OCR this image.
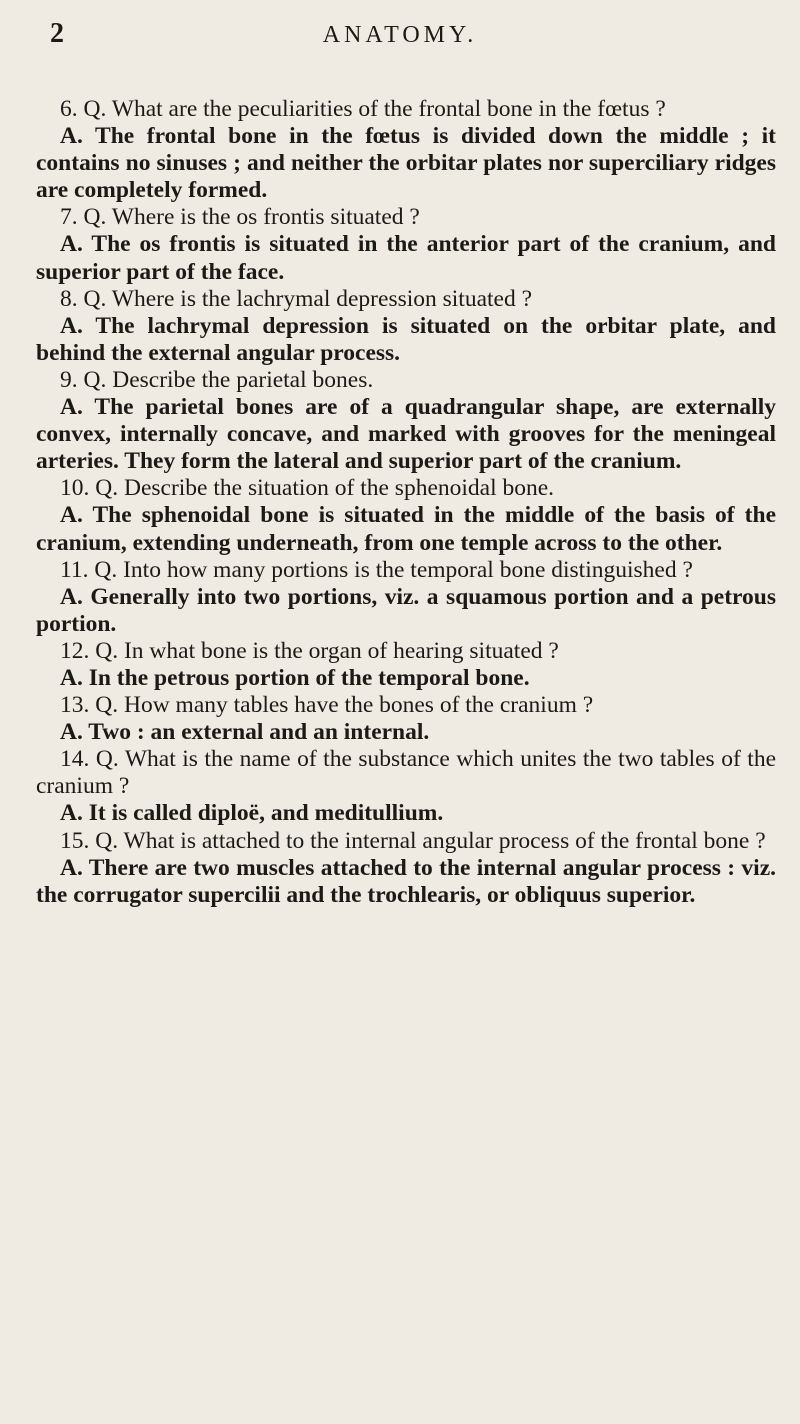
2	ANATOMY.

6. Q. What are the peculiarities of the frontal bone in the fœtus ?

A. The frontal bone in the fœtus is divided down the middle ; it contains no sinuses ; and neither the orbitar plates nor superciliary ridges are completely formed.

7. Q. Where is the os frontis situated ?

A. The os frontis is situated in the anterior part of the cranium, and superior part of the face.

8. Q. Where is the lachrymal depression situated ?

A. The lachrymal depression is situated on the orbitar plate, and behind the external angular process.

9. Q. Describe the parietal bones.

A. The parietal bones are of a quadrangular shape, are externally convex, internally concave, and marked with grooves for the meningeal arteries. They form the lateral and superior part of the cranium.

10. Q. Describe the situation of the sphenoidal bone.

A. The sphenoidal bone is situated in the middle of the basis of the cranium, extending underneath, from one temple across to the other.

11. Q. Into how many portions is the temporal bone distinguished ?

A. Generally into two portions, viz. a squamous portion and a petrous portion.

12. Q. In what bone is the organ of hearing situated ?

A. In the petrous portion of the temporal bone.

13. Q. How many tables have the bones of the cranium ?

A. Two : an external and an internal.

14. Q. What is the name of the substance which unites the two tables of the cranium ?

A. It is called diploë, and meditullium.

15. Q. What is attached to the internal angular process of the frontal bone ?

A. There are two muscles attached to the internal angular process : viz. the corrugator supercilii and the trochlearis, or obliquus superior.
